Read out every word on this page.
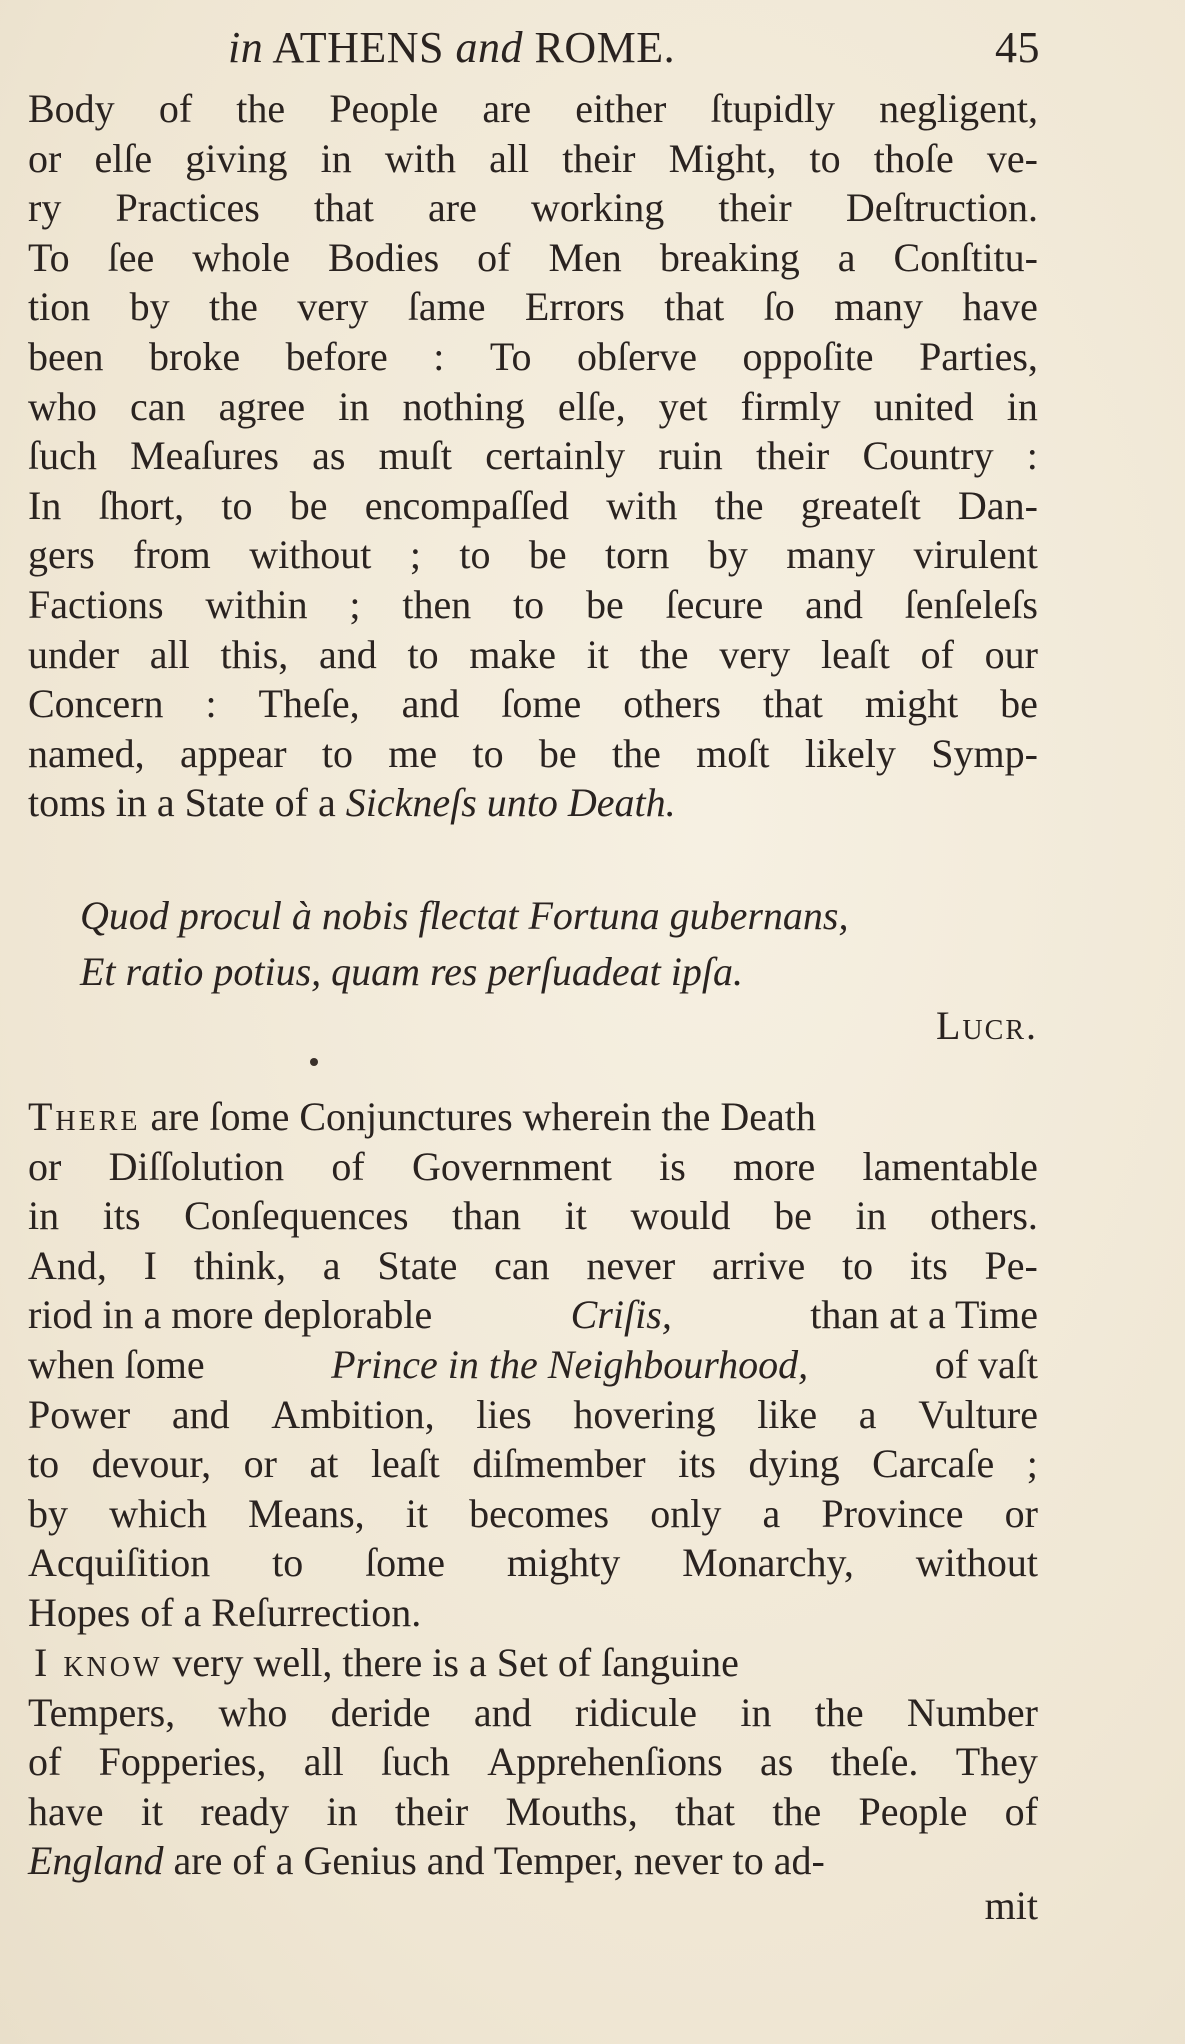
in ATHENS and ROME.	45
Body of the People are either ſtupidly negligent,
or elſe giving in with all their Might, to thoſe ve-
ry Practices that are working their Deſtruction.
To ſee whole Bodies of Men breaking a Conſtitu-
tion by the very ſame Errors that ſo many have
been broke before : To obſerve oppoſite Parties,
who can agree in nothing elſe, yet firmly united in
ſuch Meaſures as muſt certainly ruin their Country :
In ſhort, to be encompaſſed with the greateſt Dan-
gers from without ; to be torn by many virulent
Factions within ; then to be ſecure and ſenſeleſs
under all this, and to make it the very leaſt of our
Concern : Theſe, and ſome others that might be
named, appear to me to be the moſt likely Symp-
toms in a State of a
Sickneſs unto Death.
Quod procul à nobis flectat Fortuna gubernans,
Et ratio potius, quam res perſuadeat ipſa.
Lucr.
There are ſome Conjunctures wherein the Death
or Diſſolution of Government is more lamentable
in its Conſequences than it would be in others.
And, I think, a State can never arrive to its Pe-
riod in a more deplorable	Criſis,	than at a Time
when ſome	Prince in the Neighbourhood,	of vaſt
Power and Ambition, lies hovering like a Vulture
to devour, or at leaſt diſmember its dying Carcaſe ;
by which Means, it becomes only a Province or
Acquiſition to ſome mighty Monarchy, without
Hopes of a Reſurrection.
I know very well, there is a Set of ſanguine
Tempers, who deride and ridicule in the Number
of Fopperies, all ſuch Apprehenſions as theſe. They
have it ready in their Mouths, that the People of
England are of a Genius and Temper, never to ad-
mit
